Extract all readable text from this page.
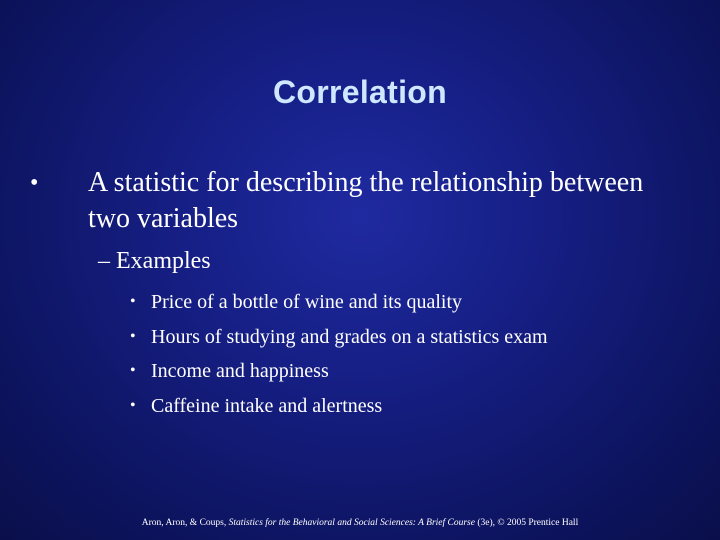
Correlation
• A statistic for describing the relationship between two variables
– Examples
• Price of a bottle of wine and its quality
• Hours of studying and grades on a statistics exam
• Income and happiness
• Caffeine intake and alertness
Aron, Aron, & Coups, Statistics for the Behavioral and Social Sciences: A Brief Course (3e), © 2005 Prentice Hall
